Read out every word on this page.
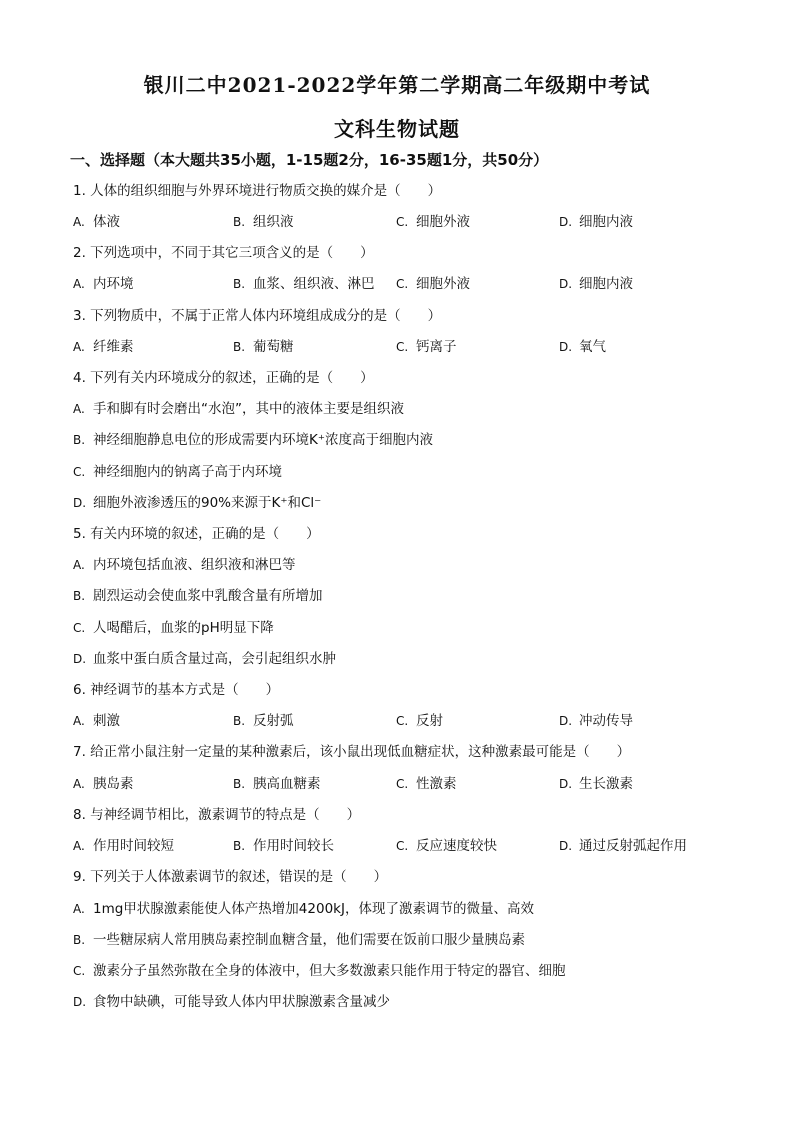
银川二中2021-2022学年第二学期高二年级期中考试
文科生物试题
一、选择题（本大题共35小题，1-15题2分，16-35题1分，共50分）

1. 人体的组织细胞与外界环境进行物质交换的媒介是（　　）

A. 体液	B. 组织液	C. 细胞外液	D. 细胞内液

2. 下列选项中，不同于其它三项含义的是（　　）

A. 内环境	B. 血浆、组织液、淋巴 C. 细胞外液	D. 细胞内液

3. 下列物质中，不属于正常人体内环境组成成分的是（　　）

A. 纤维素	B. 葡萄糖	C. 钙离子	D. 氧气

4. 下列有关内环境成分的叙述，正确的是（　　）

A. 手和脚有时会磨出“水泡”，其中的液体主要是组织液

B. 神经细胞静息电位的形成需要内环境K⁺浓度高于细胞内液

C. 神经细胞内的钠离子高于内环境

D. 细胞外液渗透压的90%来源于K⁺和Cl⁻

5. 有关内环境的叙述，正确的是（　　）

A. 内环境包括血液、组织液和淋巴等

B. 剧烈运动会使血浆中乳酸含量有所增加

C. 人喝醋后，血浆的pH明显下降

D. 血浆中蛋白质含量过高，会引起组织水肿

6. 神经调节的基本方式是（　　）

A. 刺激	B. 反射弧	C. 反射	D. 冲动传导

7. 给正常小鼠注射一定量的某种激素后，该小鼠出现低血糖症状，这种激素最可能是（　　）

A. 胰岛素	B. 胰高血糖素	C. 性激素	D. 生长激素

8. 与神经调节相比，激素调节的特点是（　　）

A. 作用时间较短	B. 作用时间较长	C. 反应速度较快	D. 通过反射弧起作用

9. 下列关于人体激素调节的叙述，错误的是（　　）

A. 1mg甲状腺激素能使人体产热增加4200kJ，体现了激素调节的微量、高效

B. 一些糖尿病人常用胰岛素控制血糖含量，他们需要在饭前口服少量胰岛素

C. 激素分子虽然弥散在全身的体液中，但大多数激素只能作用于特定的器官、细胞

D. 食物中缺碘，可能导致人体内甲状腺激素含量减少
